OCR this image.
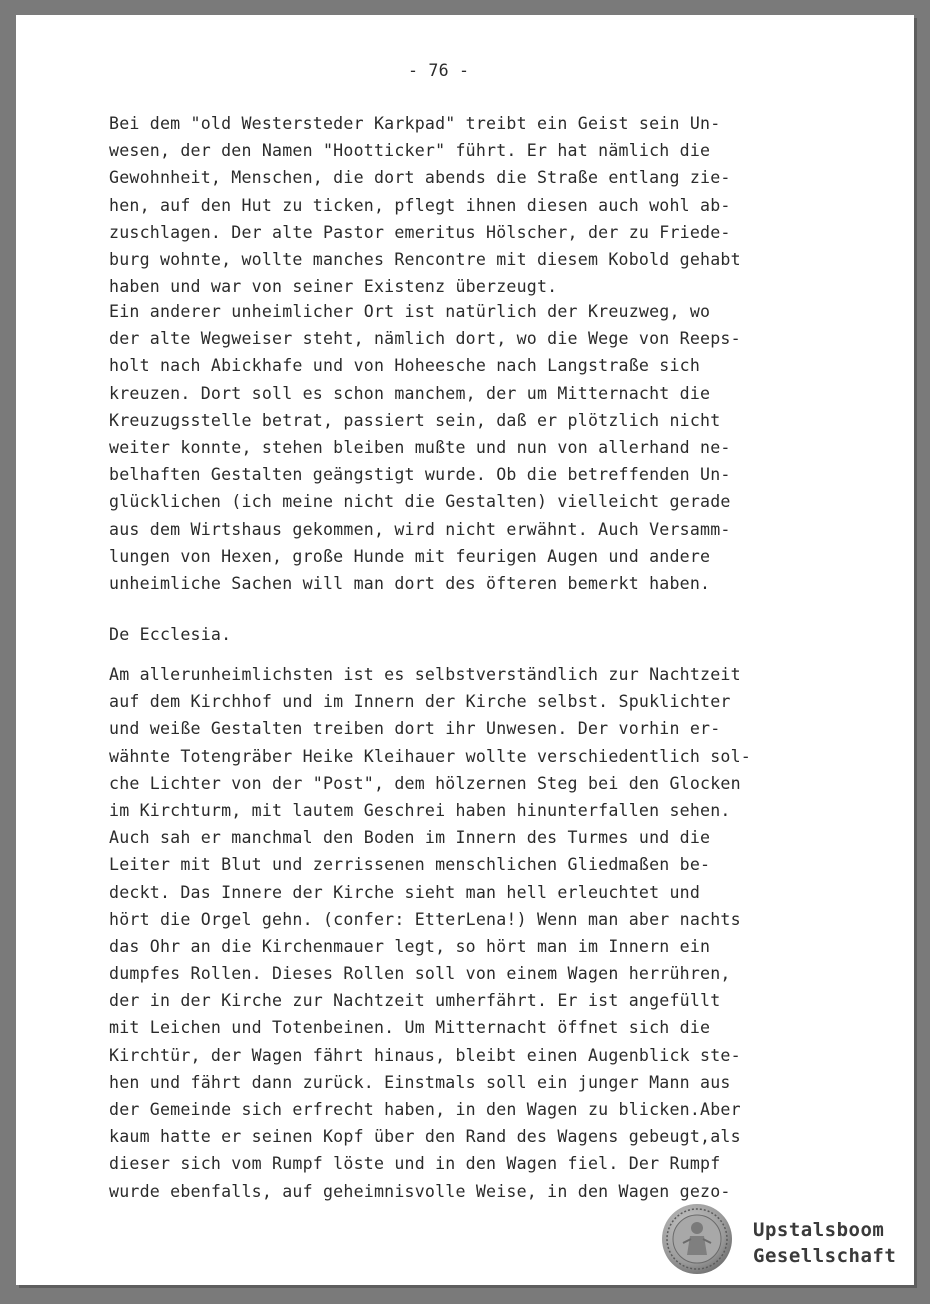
- 76 -

Bei dem "old Westersteder Karkpad" treibt ein Geist sein Un-
wesen, der den Namen "Hootticker" führt. Er hat nämlich die
Gewohnheit, Menschen, die dort abends die Straße entlang zie-
hen, auf den Hut zu ticken, pflegt ihnen diesen auch wohl ab-
zuschlagen. Der alte Pastor emeritus Hölscher, der zu Friede-
burg wohnte, wollte manches Rencontre mit diesem Kobold gehabt
haben und war von seiner Existenz überzeugt.
Ein anderer unheimlicher Ort ist natürlich der Kreuzweg, wo
der alte Wegweiser steht, nämlich dort, wo die Wege von Reeps-
holt nach Abickhafe und von Hoheesche nach Langstraße sich
kreuzen. Dort soll es schon manchem, der um Mitternacht die
Kreuzugsstelle betrat, passiert sein, daß er plötzlich nicht
weiter konnte, stehen bleiben mußte und nun von allerhand ne-
belhaften Gestalten geängstigt wurde. Ob die betreffenden Un-
glücklichen (ich meine nicht die Gestalten) vielleicht gerade
aus dem Wirtshaus gekommen, wird nicht erwähnt. Auch Versamm-
lungen von Hexen, große Hunde mit feurigen Augen und andere
unheimliche Sachen will man dort des öfteren bemerkt haben.

De Ecclesia.

Am allerunheimlichsten ist es selbstverständlich zur Nachtzeit
auf dem Kirchhof und im Innern der Kirche selbst. Spuklichter
und weiße Gestalten treiben dort ihr Unwesen. Der vorhin er-
wähnte Totengräber Heike Kleihauer wollte verschiedentlich sol-
che Lichter von der "Post", dem hölzernen Steg bei den Glocken
im Kirchturm, mit lautem Geschrei haben hinunterfallen sehen.
Auch sah er manchmal den Boden im Innern des Turmes und die
Leiter mit Blut und zerrissenen menschlichen Gliedmaßen be-
deckt. Das Innere der Kirche sieht man hell erleuchtet und
hört die Orgel gehn. (confer: EtterLena!) Wenn man aber nachts
das Ohr an die Kirchenmauer legt, so hört man im Innern ein
dumpfes Rollen. Dieses Rollen soll von einem Wagen herrühren,
der in der Kirche zur Nachtzeit umherfährt. Er ist angefüllt
mit Leichen und Totenbeinen. Um Mitternacht öffnet sich die
Kirchtür, der Wagen fährt hinaus, bleibt einen Augenblick ste-
hen und fährt dann zurück. Einstmals soll ein junger Mann aus
der Gemeinde sich erfrecht haben, in den Wagen zu blicken.Aber
kaum hatte er seinen Kopf über den Rand des Wagens gebeugt,als
dieser sich vom Rumpf löste und in den Wagen fiel. Der Rumpf
wurde ebenfalls, auf geheimnisvolle Weise, in den Wagen gezo-
Upstalsboom
Gesellschaft
